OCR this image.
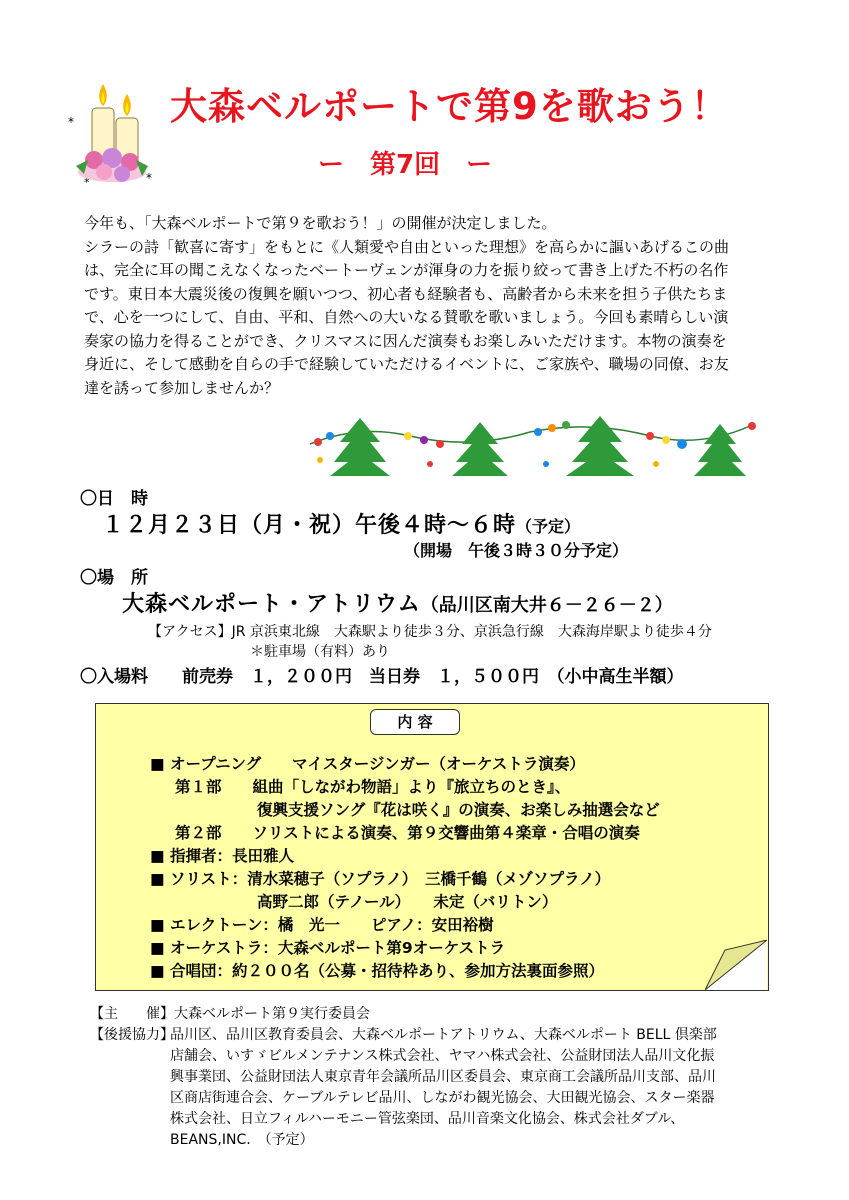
*
*
*
大森ベルポートで第9を歌おう！
ー　第7回　ー

今年も、「大森ベルポートで第９を歌おう！」の開催が決定しました。

シラーの詩「歓喜に寄す」をもとに《人類愛や自由といった理想》を高らかに謳いあげるこの曲

は、完全に耳の聞こえなくなったベートーヴェンが渾身の力を振り絞って書き上げた不朽の名作

です。東日本大震災後の復興を願いつつ、初心者も経験者も、高齢者から未来を担う子供たちま

で、心を一つにして、自由、平和、自然への大いなる賛歌を歌いましょう。今回も素晴らしい演

奏家の協力を得ることができ、クリスマスに因んだ演奏もお楽しみいただけます。本物の演奏を

身近に、そして感動を自らの手で経験していただけるイベントに、ご家族や、職場の同僚、お友

達を誘って参加しませんか？

〇日　時
１２月２３日（月・祝）午後４時～６時（予定）
（開場　午後３時３０分予定）
〇場　所
大森ベルポート・アトリウム（品川区南大井６－２６－２）
【アクセス】JR 京浜東北線　大森駅より徒歩３分、京浜急行線　大森海岸駅より徒歩４分
＊駐車場（有料）あり
〇入場料　　前売券　１，２００円　当日券　１，５００円　（小中高生半額）
内 容
■ オープニング　　マイスタージンガー（オーケストラ演奏）
第１部　　組曲「しながわ物語」より『旅立ちのとき』、
復興支援ソング『花は咲く』の演奏、お楽しみ抽選会など
第２部　　ソリストによる演奏、第９交響曲第４楽章・合唱の演奏
■ 指揮者：長田雅人
■ ソリスト：清水菜穂子（ソプラノ）　三橋千鶴（メゾソプラノ）
高野二郎（テノール）　　未定（バリトン）
■ エレクトーン：橘　光一　　ピアノ：安田裕樹
■ オーケストラ：大森ベルポート第9オーケストラ
■ 合唱団：約２００名（公募・招待枠あり、参加方法裏面参照）
【主　　催】大森ベルポート第９実行委員会
【後援協力】
品川区、品川区教育委員会、大森ベルポートアトリウム、大森ベルポート BELL 倶楽部
店舗会、いすゞビルメンテナンス株式会社、ヤマハ株式会社、公益財団法人品川文化振
興事業団、公益財団法人東京青年会議所品川区委員会、東京商工会議所品川支部、品川
区商店街連合会、ケーブルテレビ品川、しながわ観光協会、大田観光協会、スター楽器
株式会社、日立フィルハーモニー管弦楽団、品川音楽文化協会、株式会社ダブル、
BEANS,INC.　（予定）
